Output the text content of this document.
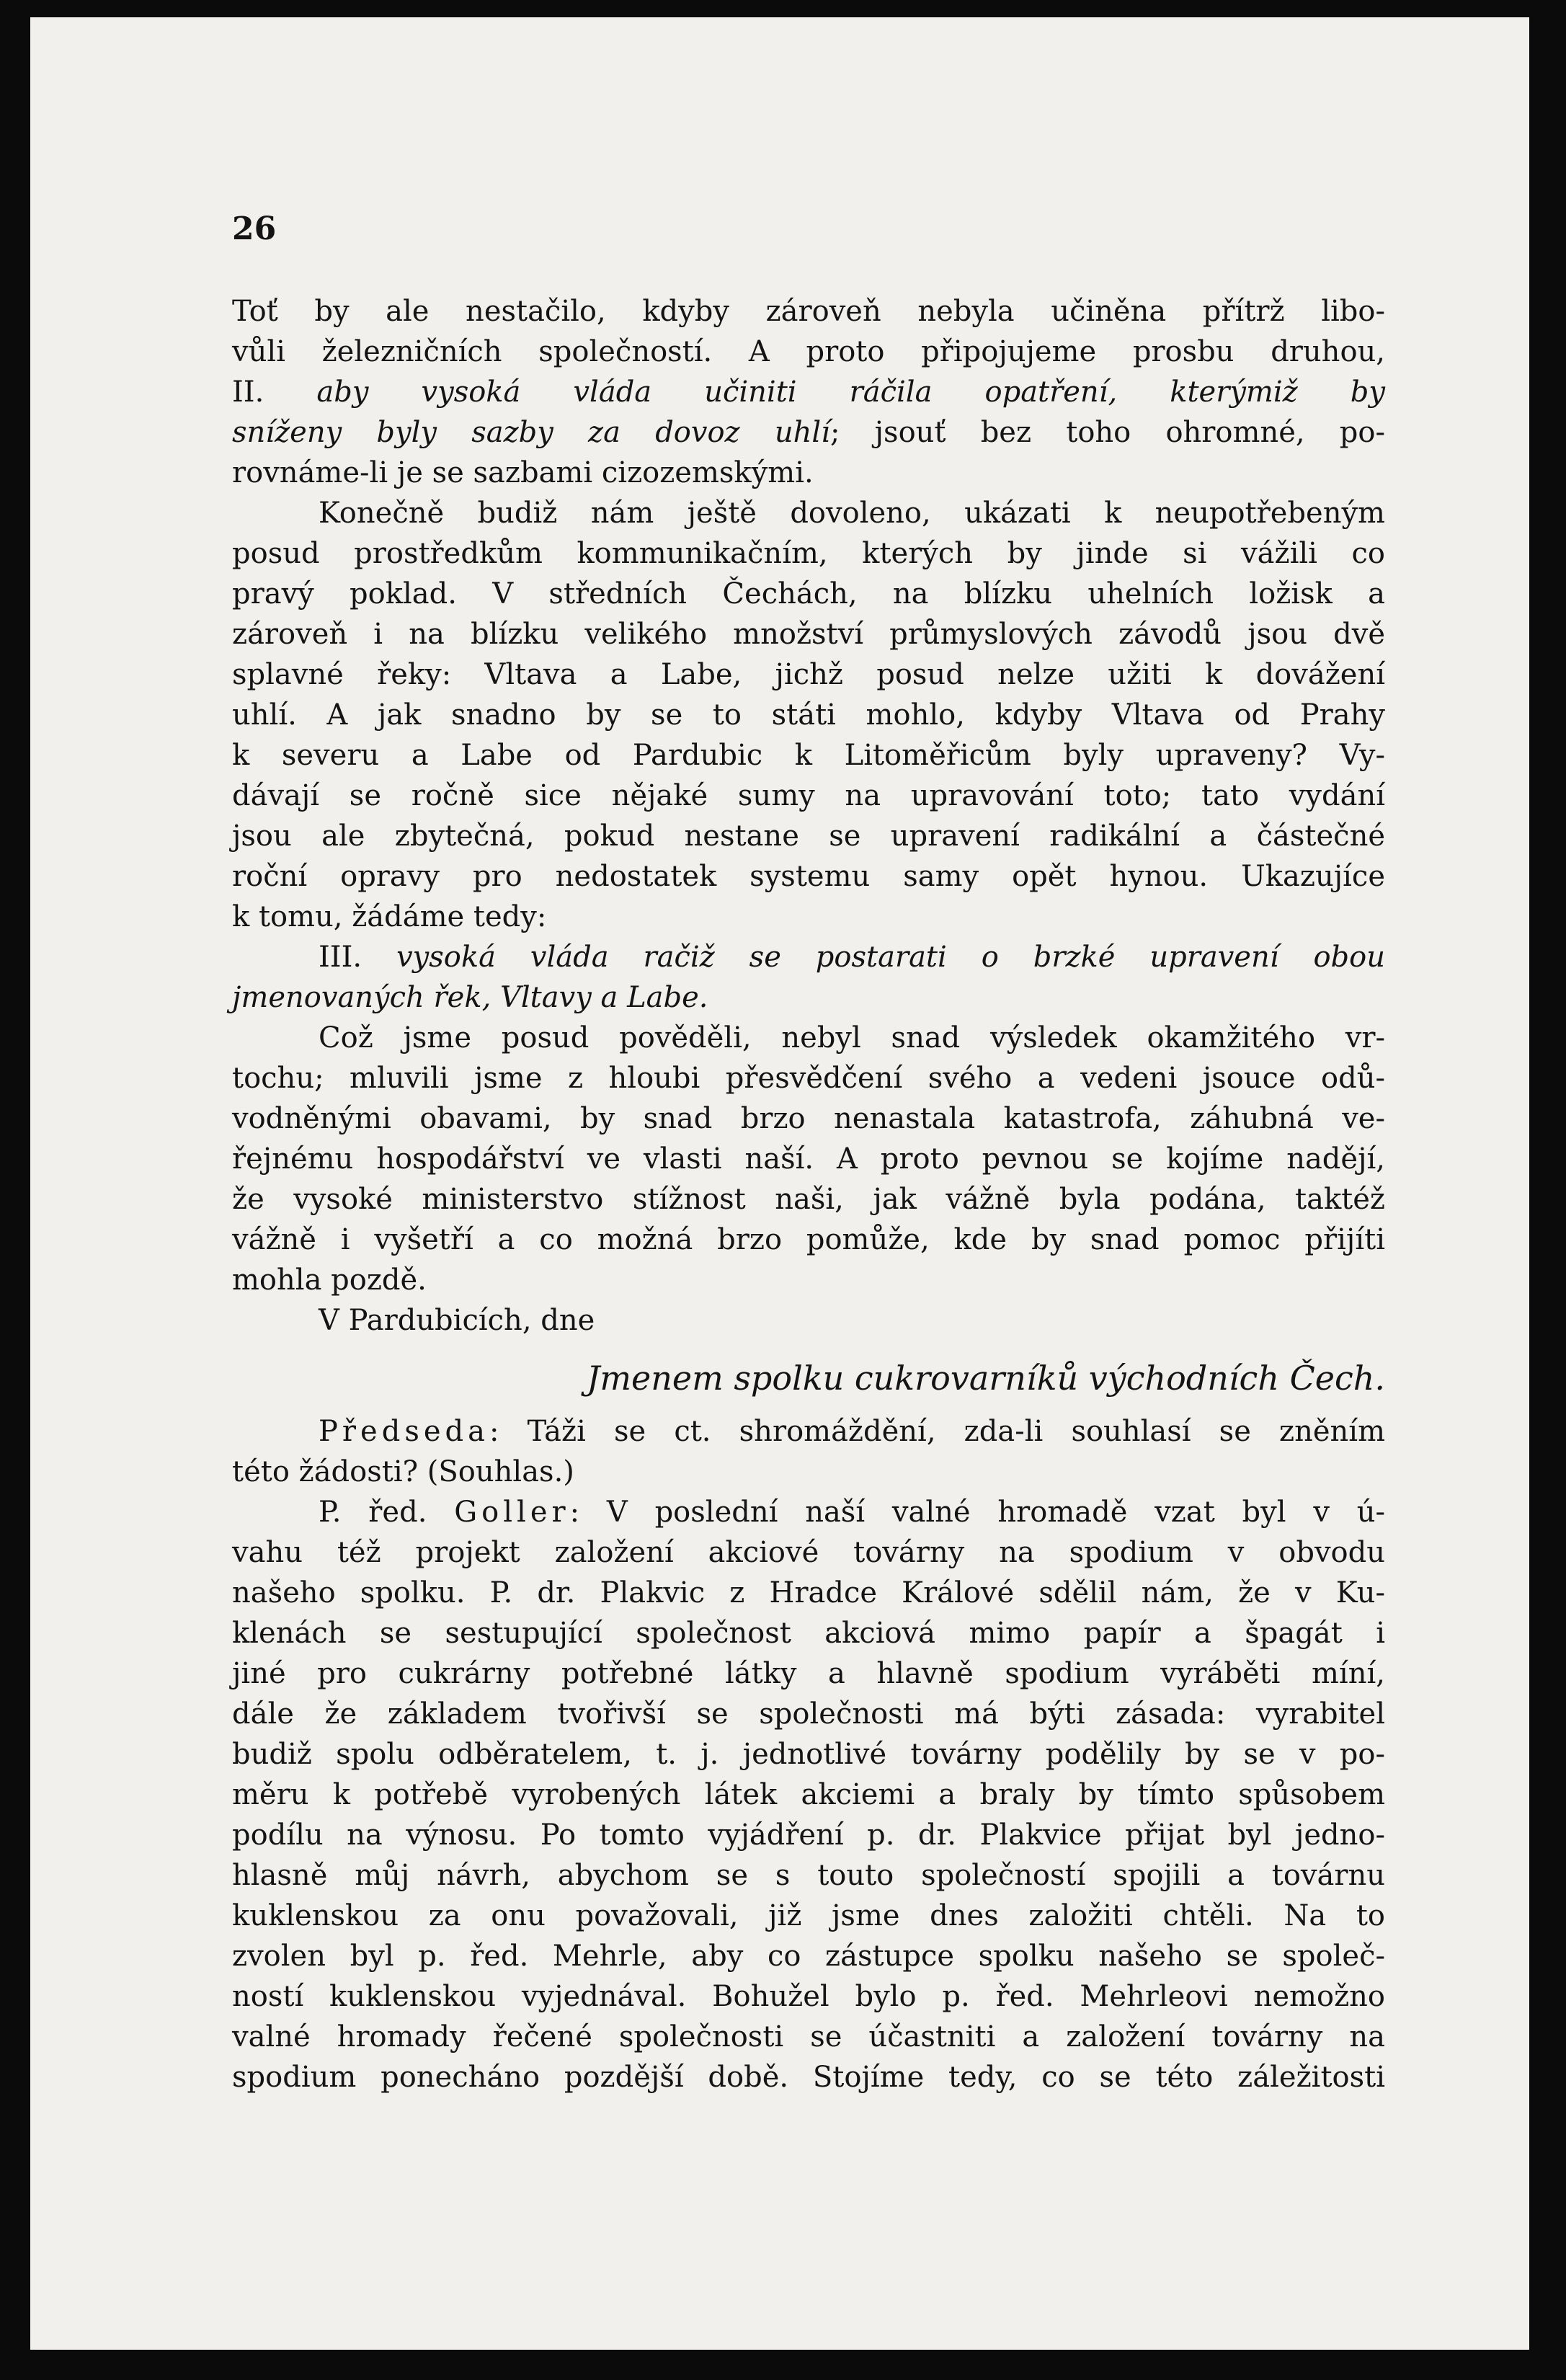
26
Toť by ale nestačilo, kdyby zároveň nebyla učiněna přítrž libo-
vůli železničních společností. A proto připojujeme prosbu druhou,
II. aby vysoká vláda učiniti ráčila opatření, kterýmiž by
sníženy byly sazby za dovoz uhlí; jsouť bez toho ohromné, po-
rovnáme-li je se sazbami cizozemskými.
Konečně budiž nám ještě dovoleno, ukázati k neupotřebeným
posud prostředkům kommunikačním, kterých by jinde si vážili co
pravý poklad. V středních Čechách, na blízku uhelních ložisk a
zároveň i na blízku velikého množství průmyslových závodů jsou dvě
splavné řeky: Vltava a Labe, jichž posud nelze užiti k dovážení
uhlí. A jak snadno by se to státi mohlo, kdyby Vltava od Prahy
k severu a Labe od Pardubic k Litoměřicům byly upraveny? Vy-
dávají se ročně sice nějaké sumy na upravování toto; tato vydání
jsou ale zbytečná, pokud nestane se upravení radikální a částečné
roční opravy pro nedostatek systemu samy opět hynou. Ukazujíce
k tomu, žádáme tedy:
III. vysoká vláda račiž se postarati o brzké upravení obou
jmenovaných řek, Vltavy a Labe.
Což jsme posud pověděli, nebyl snad výsledek okamžitého vr-
tochu; mluvili jsme z hloubi přesvědčení svého a vedeni jsouce odů-
vodněnými obavami, by snad brzo nenastala katastrofa, záhubná ve-
řejnému hospodářství ve vlasti naší. A proto pevnou se kojíme nadějí,
že vysoké ministerstvo stížnost naši, jak vážně byla podána, taktéž
vážně i vyšetří a co možná brzo pomůže, kde by snad pomoc přijíti
mohla pozdě.
V Pardubicích, dne
Jmenem spolku cukrovarníků východních Čech.
Předseda: Táži se ct. shromáždění, zda-li souhlasí se zněním
této žádosti? (Souhlas.)
P. řed. Goller: V poslední naší valné hromadě vzat byl v ú-
vahu též projekt založení akciové továrny na spodium v obvodu
našeho spolku. P. dr. Plakvic z Hradce Králové sdělil nám, že v Ku-
klenách se sestupující společnost akciová mimo papír a špagát i
jiné pro cukrárny potřebné látky a hlavně spodium vyráběti míní,
dále že základem tvořivší se společnosti má býti zásada: vyrabitel
budiž spolu odběratelem, t. j. jednotlivé továrny podělily by se v po-
měru k potřebě vyrobených látek akciemi a braly by tímto spůsobem
podílu na výnosu. Po tomto vyjádření p. dr. Plakvice přijat byl jedno-
hlasně můj návrh, abychom se s touto společností spojili a továrnu
kuklenskou za onu považovali, již jsme dnes založiti chtěli. Na to
zvolen byl p. řed. Mehrle, aby co zástupce spolku našeho se společ-
ností kuklenskou vyjednával. Bohužel bylo p. řed. Mehrleovi nemožno
valné hromady řečené společnosti se účastniti a založení továrny na
spodium ponecháno pozdější době. Stojíme tedy, co se této záležitosti
